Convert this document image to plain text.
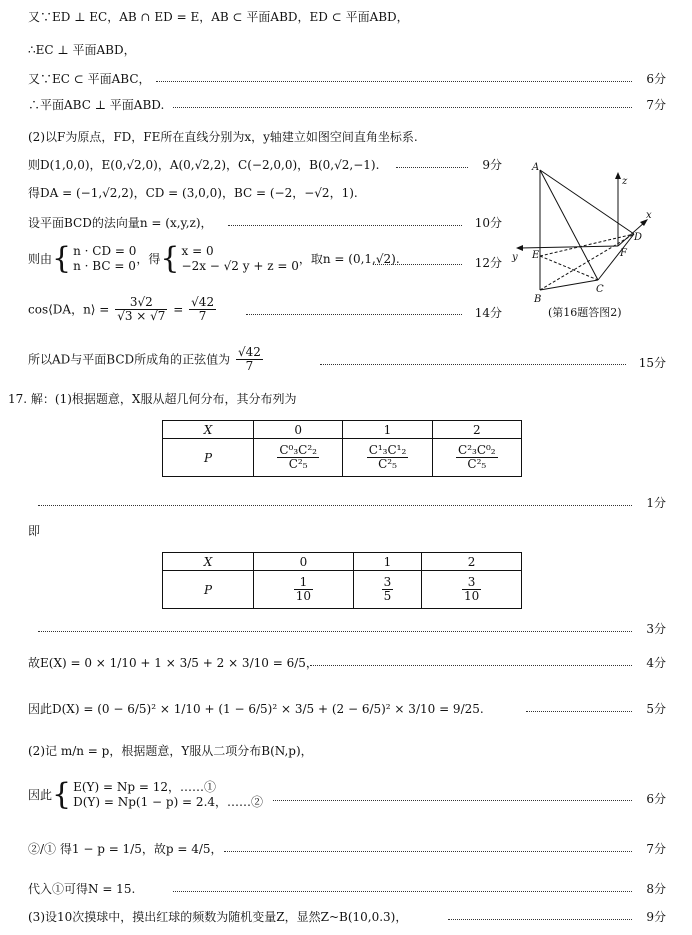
又∵ED ⊥ EC，AB ∩ ED = E，AB ⊂ 平面ABD，ED ⊂ 平面ABD，
∴EC ⊥ 平面ABD，
又∵EC ⊂ 平面ABC，	6分
∴平面ABC ⊥ 平面ABD.	7分
(2)以F为原点，FD，FE所在直线分别为x，y轴建立如图空间直角坐标系.
则D(1,0,0)，E(0,√2,0)，A(0,√2,2)，C(−2,0,0)，B(0,√2,−1).	9分
得DA = (−1,√2,2)，CD = (3,0,0)，BC = (−2，−√2，1).
设平面BCD的法向量n = (x,y,z)，	10分
则由{ n · CD = 0
n · BC = 0 ，得{ x = 0
−2x − √2 y + z = 0 ，取n = (0,1,√2).	12分
cos⟨DA，n⟩ = $\frac{3√2}{√3 \times √7} = \frac{√42}{7}$	14分
所以AD与平面BCD所成角的正弦值为 $\frac{√42}{7}$	15分
A
B
C
D
E	F
x
y
z
(第16题答图2)
17. 解：(1)根据题意，X服从超几何分布，其分布列为
X	0	1	2
P	$\frac{\text{C⁰₃C²₂}}{\text{C²₅}}$	$\frac{\text{C¹₃C¹₂}}{\text{C²₅}}$	$\frac{\text{C²₃C⁰₂}}{\text{C²₅}}$
1分
即
X	0	1	2
P	$\frac{1}{10}$	$\frac{3}{5}$	$\frac{3}{10}$
3分
故E(X) = 0 × 1/10 + 1 × 3/5 + 2 × 3/10 = 6/5，	4分
因此D(X) = (0 − 6/5)² × 1/10 + (1 − 6/5)² × 3/5 + (2 − 6/5)² × 3/10 = 9/25.	5分
(2)记 m/n = p，根据题意，Y服从二项分布B(N,p)，
因此{ E(Y) = Np = 12，……①
D(Y) = Np(1 − p) = 2.4，……②	6分
②/① 得1 − p = 1/5，故p = 4/5，	7分
代入①可得N = 15.	8分
(3)设10次摸球中，摸出红球的频数为随机变量Z，显然Z~B(10,0.3)，	9分
